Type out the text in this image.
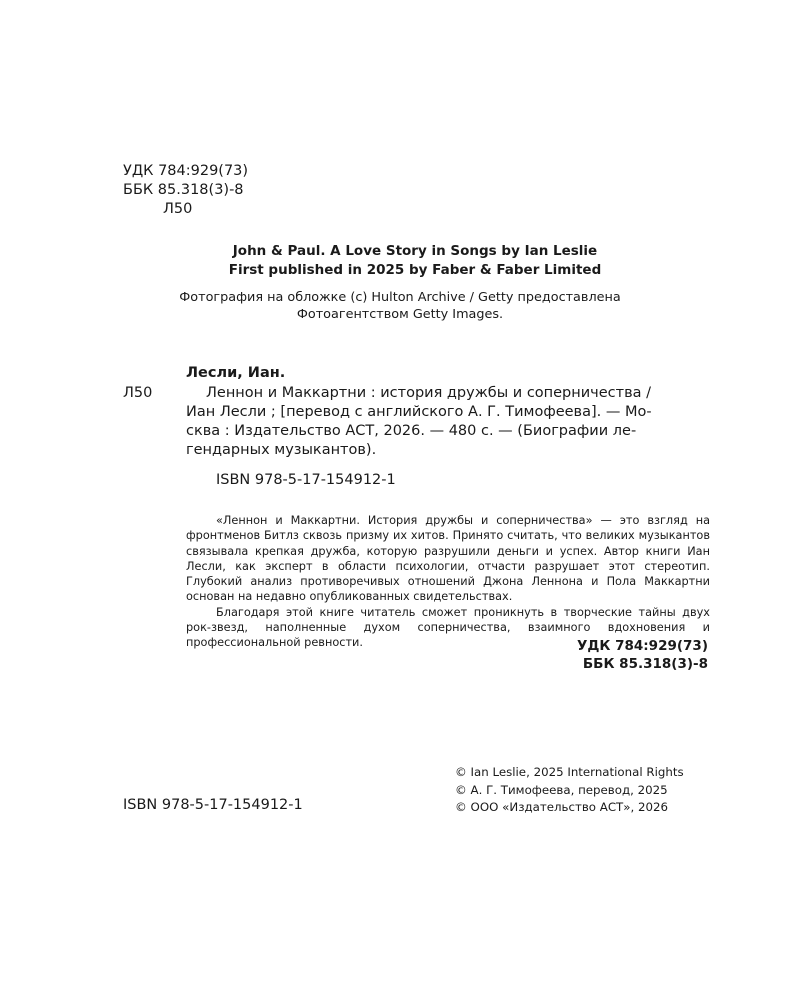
УДК 784:929(73)
ББК 85.318(3)-8
Л50
John & Paul. A Love Story in Songs by Ian Leslie
First published in 2025 by Faber & Faber Limited
Фотография на обложке (c) Hulton Archive / Getty предоставлена
Фотоагентством Getty Images.
Лесли, Иан.
Л50	Леннон и Маккартни : история дружбы и соперничества /
Иан Лесли ; [перевод с английского А. Г. Тимофеева]. — Мо-
сква : Издательство АСТ, 2026. — 480 с. — (Биографии ле-
гендарных музыкантов).
ISBN 978-5-17-154912-1

«Леннон и Маккартни. История дружбы и соперничества» — это взгляд на фронтменов Битлз сквозь призму их хитов. Принято считать, что великих музыкантов связывала крепкая дружба, которую разрушили деньги и успех. Автор книги Иан Лесли, как эксперт в области психологии, отчасти разрушает этот стереотип. Глубокий анализ противоречивых отношений Джона Леннона и Пола Маккартни основан на недавно опубликованных свидетельствах.

Благодаря этой книге читатель сможет проникнуть в творческие тайны двух рок-звезд, наполненные духом соперничества, взаимного вдохновения и профессиональной ревности.	УДК 784:929(73)
ББК 85.318(3)-8
ISBN 978-5-17-154912-1
© Ian Leslie, 2025 International Rights
© А. Г. Тимофеева, перевод, 2025
© ООО «Издательство АСТ», 2026
